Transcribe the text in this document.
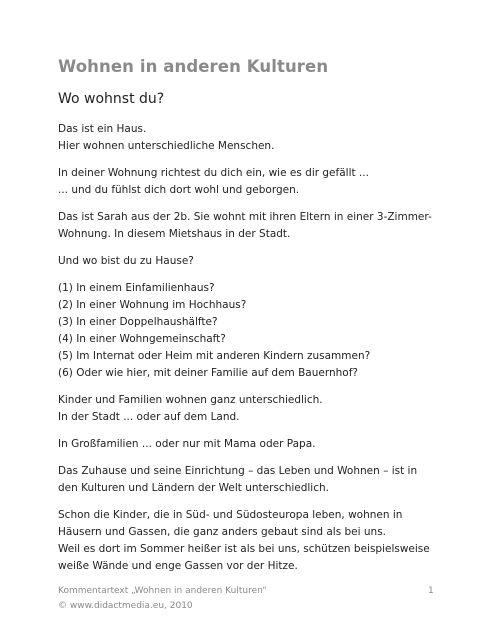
Wohnen in anderen Kulturen
Wo wohnst du?

Das ist ein Haus.
Hier wohnen unterschiedliche Menschen.

In deiner Wohnung richtest du dich ein, wie es dir gefällt ...
... und du fühlst dich dort wohl und geborgen.

Das ist Sarah aus der 2b. Sie wohnt mit ihren Eltern in einer 3-Zimmer-
Wohnung. In diesem Mietshaus in der Stadt.

Und wo bist du zu Hause?

(1) In einem Einfamilienhaus?
(2) In einer Wohnung im Hochhaus?
(3) In einer Doppelhaushälfte?
(4) In einer Wohngemeinschaft?
(5) Im Internat oder Heim mit anderen Kindern zusammen?
(6) Oder wie hier, mit deiner Familie auf dem Bauernhof?

Kinder und Familien wohnen ganz unterschiedlich.
In der Stadt ... oder auf dem Land.

In Großfamilien ... oder nur mit Mama oder Papa.

Das Zuhause und seine Einrichtung – das Leben und Wohnen – ist in
den Kulturen und Ländern der Welt unterschiedlich.

Schon die Kinder, die in Süd- und Südosteuropa leben, wohnen in
Häusern und Gassen, die ganz anders gebaut sind als bei uns.
Weil es dort im Sommer heißer ist als bei uns, schützen beispielsweise
weiße Wände und enge Gassen vor der Hitze.

Kommentartext „Wohnen in anderen Kulturen“
© www.didactmedia.eu, 2010
1
